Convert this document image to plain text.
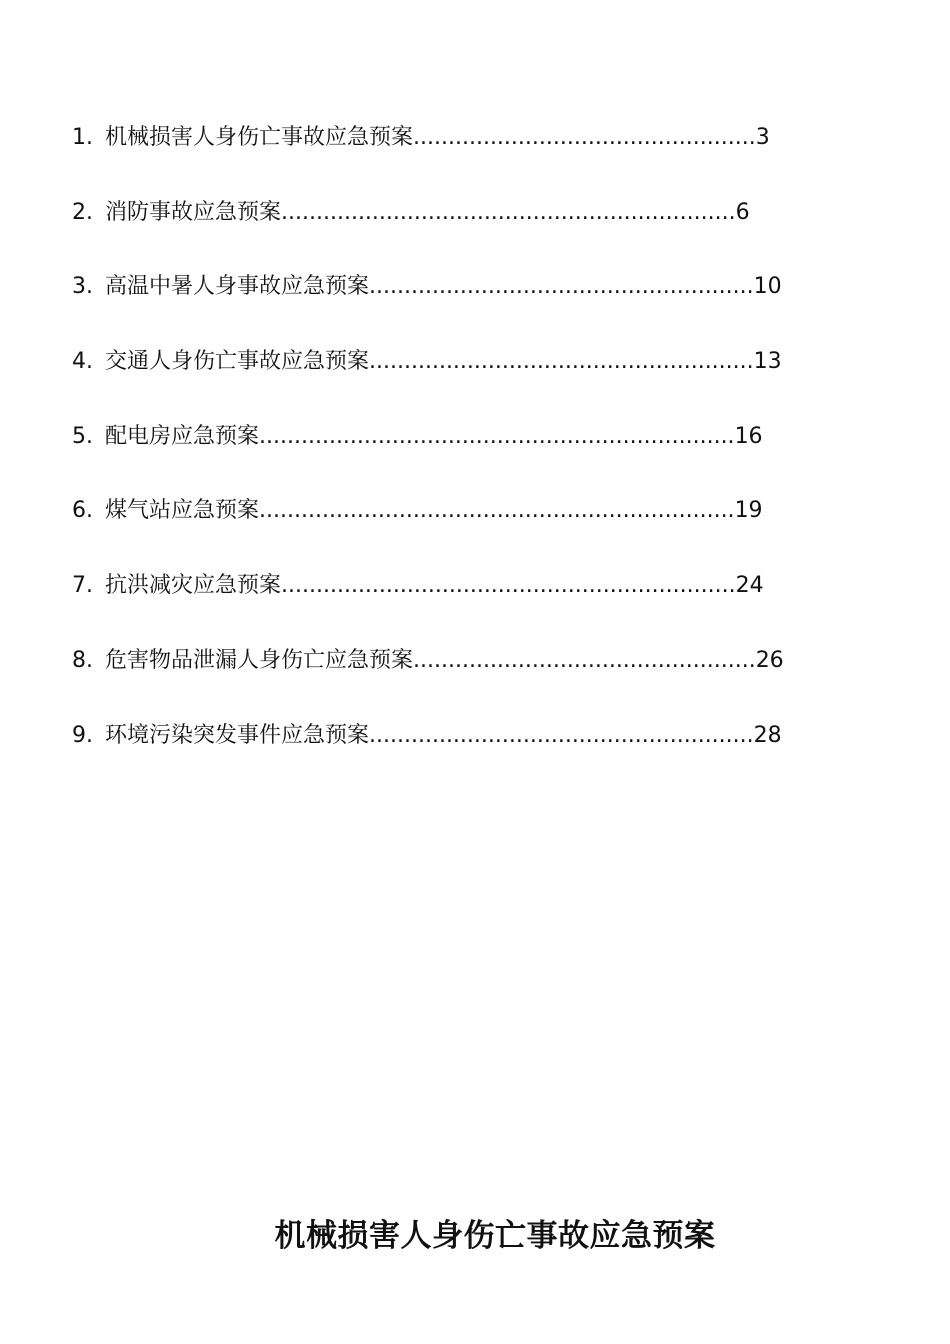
1. 机械损害人身伤亡事故应急预案 ................................................. 3
2. 消防事故应急预案 ................................................................. 6
3. 高温中暑人身事故应急预案 ....................................................... 10
4. 交通人身伤亡事故应急预案 ....................................................... 13
5. 配电房应急预案 .................................................................... 16
6. 煤气站应急预案 .................................................................... 19
7. 抗洪减灾应急预案 ................................................................. 24
8. 危害物品泄漏人身伤亡应急预案 ................................................. 26
9. 环境污染突发事件应急预案 ....................................................... 28
机械损害人身伤亡事故应急预案
